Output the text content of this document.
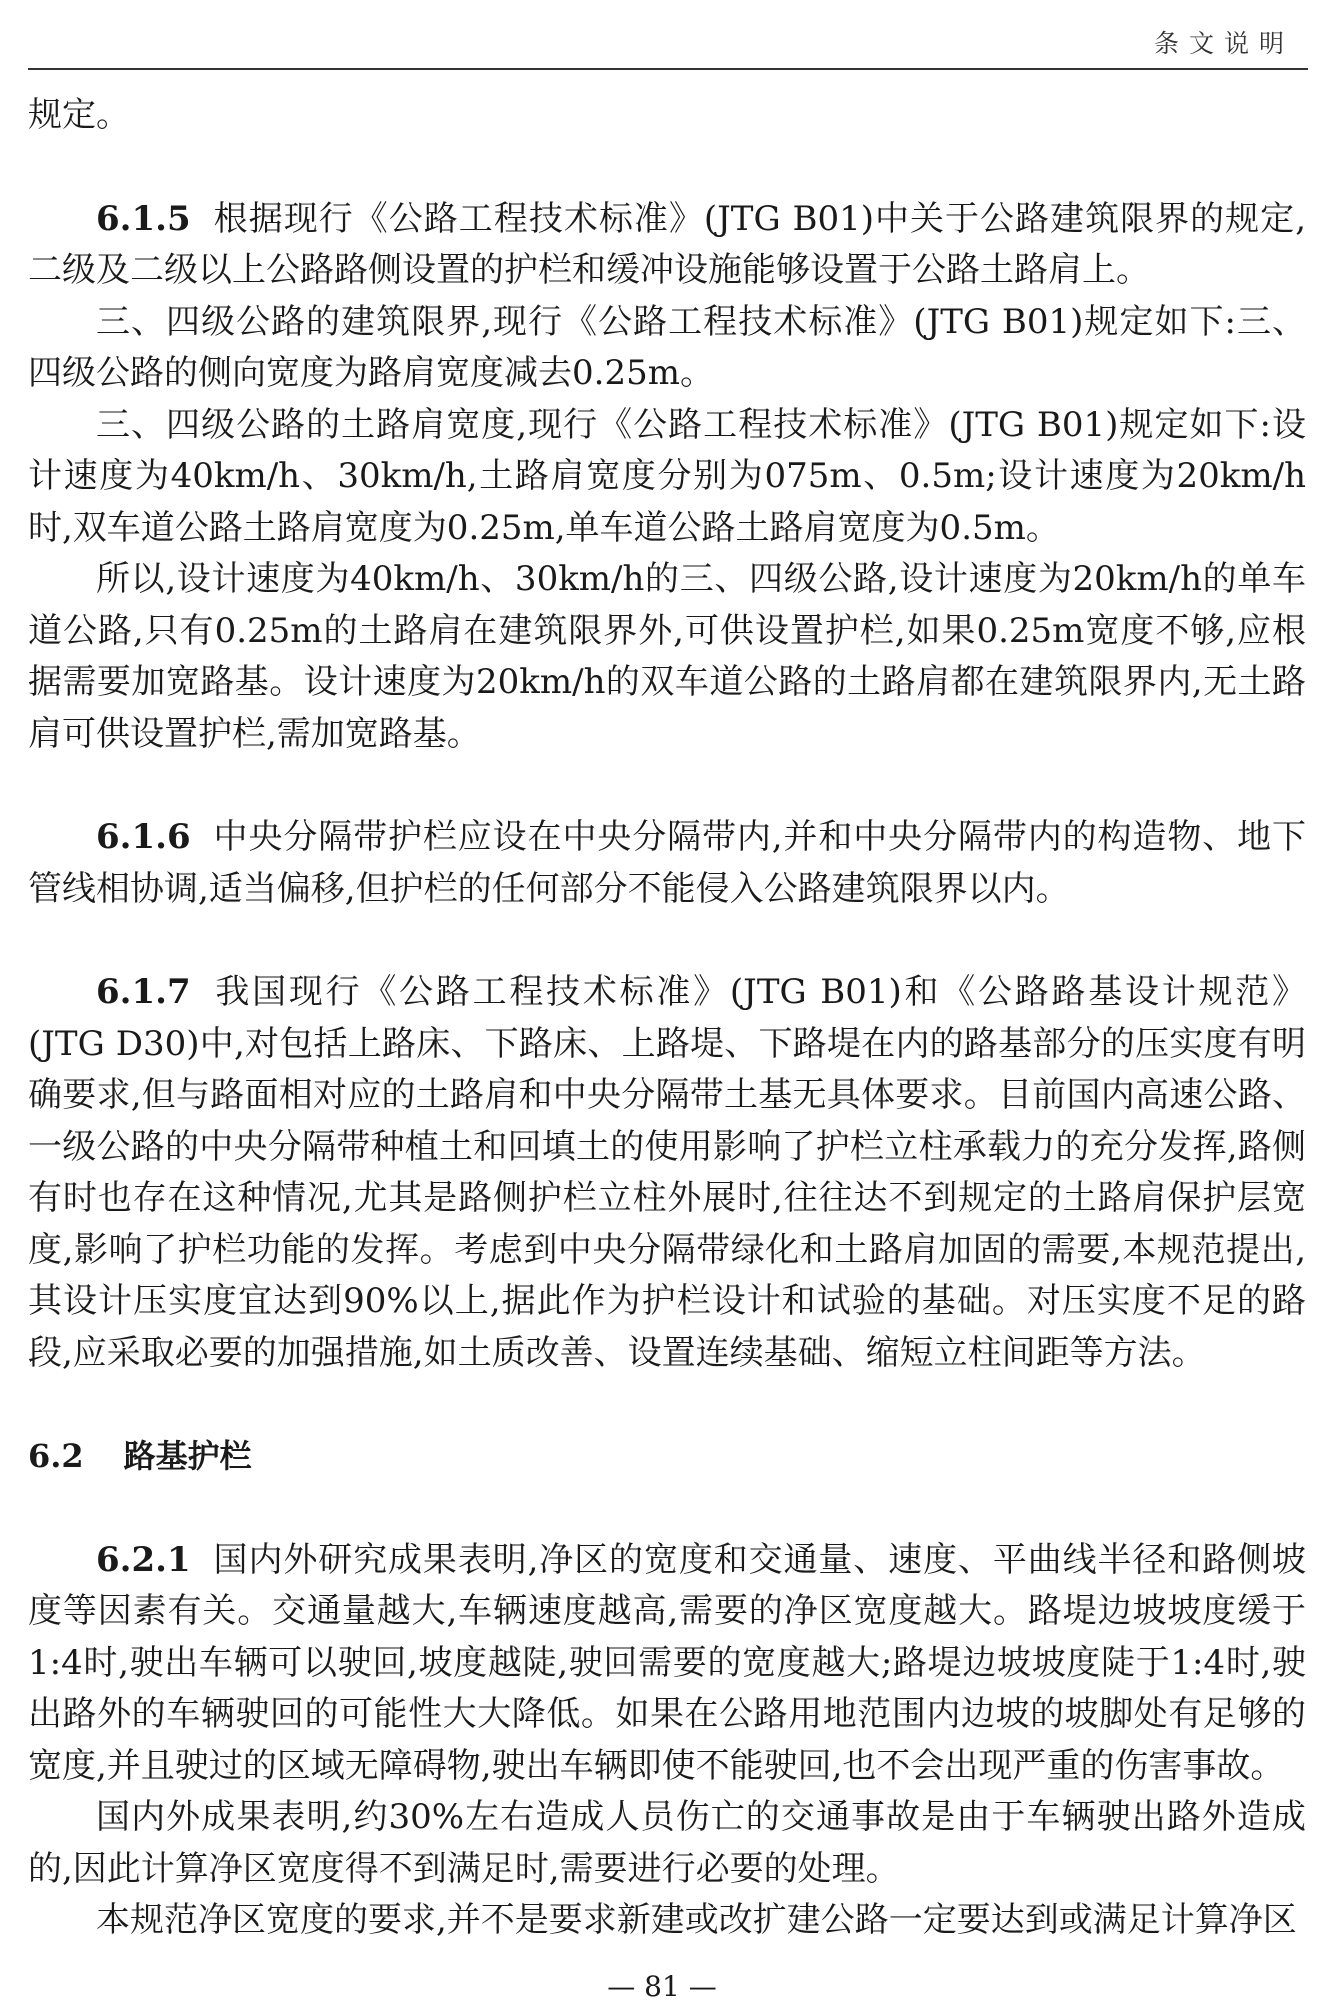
条文说明

规定。

6.1.5 根据现行《公路工程技术标准》(JTG B01)中关于公路建筑限界的规定,二级及二级以上公路路侧设置的护栏和缓冲设施能够设置于公路土路肩上。

三、四级公路的建筑限界,现行《公路工程技术标准》(JTG B01)规定如下:三、四级公路的侧向宽度为路肩宽度减去0.25m。

三、四级公路的土路肩宽度,现行《公路工程技术标准》(JTG B01)规定如下:设计速度为40km/h、30km/h,土路肩宽度分别为075m、0.5m;设计速度为20km/h时,双车道公路土路肩宽度为0.25m,单车道公路土路肩宽度为0.5m。

所以,设计速度为40km/h、30km/h的三、四级公路,设计速度为20km/h的单车道公路,只有0.25m的土路肩在建筑限界外,可供设置护栏,如果0.25m宽度不够,应根据需要加宽路基。设计速度为20km/h的双车道公路的土路肩都在建筑限界内,无土路肩可供设置护栏,需加宽路基。

6.1.6 中央分隔带护栏应设在中央分隔带内,并和中央分隔带内的构造物、地下管线相协调,适当偏移,但护栏的任何部分不能侵入公路建筑限界以内。

6.1.7 我国现行《公路工程技术标准》(JTG B01)和《公路路基设计规范》(JTG D30)中,对包括上路床、下路床、上路堤、下路堤在内的路基部分的压实度有明确要求,但与路面相对应的土路肩和中央分隔带土基无具体要求。目前国内高速公路、一级公路的中央分隔带种植土和回填土的使用影响了护栏立柱承载力的充分发挥,路侧有时也存在这种情况,尤其是路侧护栏立柱外展时,往往达不到规定的土路肩保护层宽度,影响了护栏功能的发挥。考虑到中央分隔带绿化和土路肩加固的需要,本规范提出,其设计压实度宜达到90%以上,据此作为护栏设计和试验的基础。对压实度不足的路段,应采取必要的加强措施,如土质改善、设置连续基础、缩短立柱间距等方法。

6.2 路基护栏

6.2.1 国内外研究成果表明,净区的宽度和交通量、速度、平曲线半径和路侧坡度等因素有关。交通量越大,车辆速度越高,需要的净区宽度越大。路堤边坡坡度缓于1:4时,驶出车辆可以驶回,坡度越陡,驶回需要的宽度越大;路堤边坡坡度陡于1:4时,驶出路外的车辆驶回的可能性大大降低。如果在公路用地范围内边坡的坡脚处有足够的宽度,并且驶过的区域无障碍物,驶出车辆即使不能驶回,也不会出现严重的伤害事故。

国内外成果表明,约30%左右造成人员伤亡的交通事故是由于车辆驶出路外造成的,因此计算净区宽度得不到满足时,需要进行必要的处理。

本规范净区宽度的要求,并不是要求新建或改扩建公路一定要达到或满足计算净区

— 81 —
